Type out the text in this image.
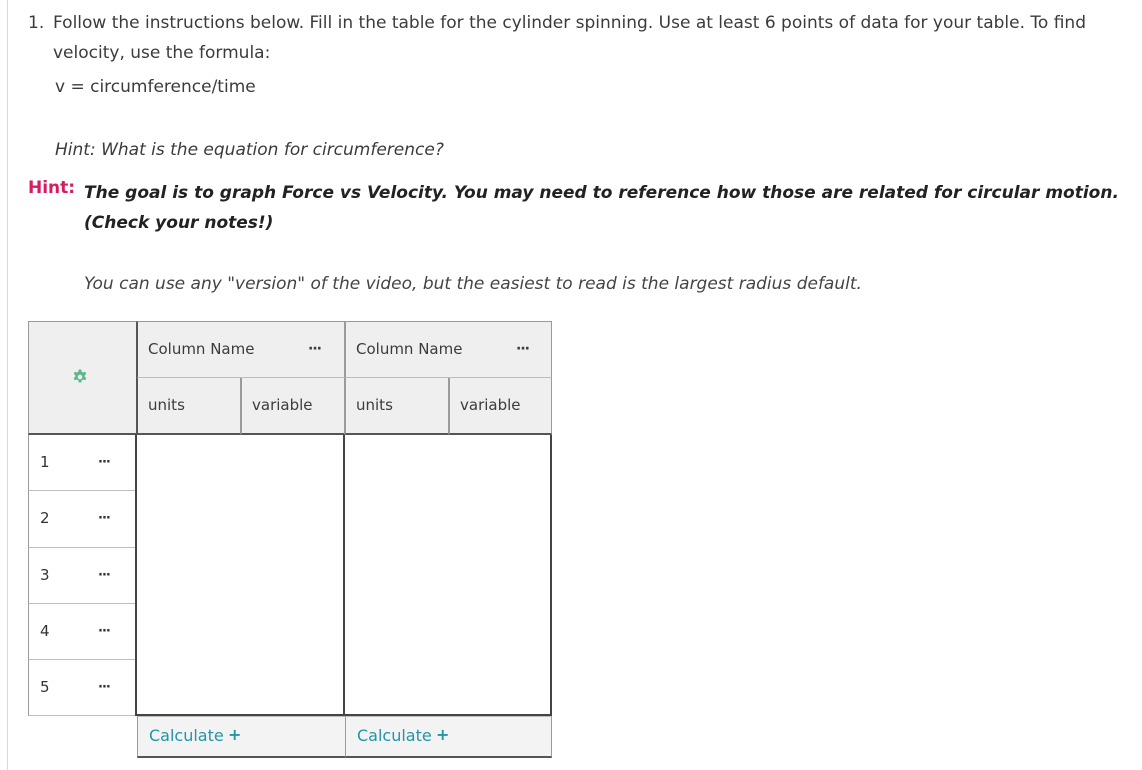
1. Follow the instructions below. Fill in the table for the cylinder spinning. Use at least 6 points of data for your table. To find velocity, use the formula:
v = circumference/time
Hint: What is the equation for circumference?
Hint: The goal is to graph Force vs Velocity. You may need to reference how those are related for circular motion. (Check your notes!)
You can use any "version" of the video, but the easiest to read is the largest radius default.
Column Name	··· Column Name	···
units	variable	units	variable
1	···
2	···
3	···
4	···
5	···
Calculate +	Calculate +
